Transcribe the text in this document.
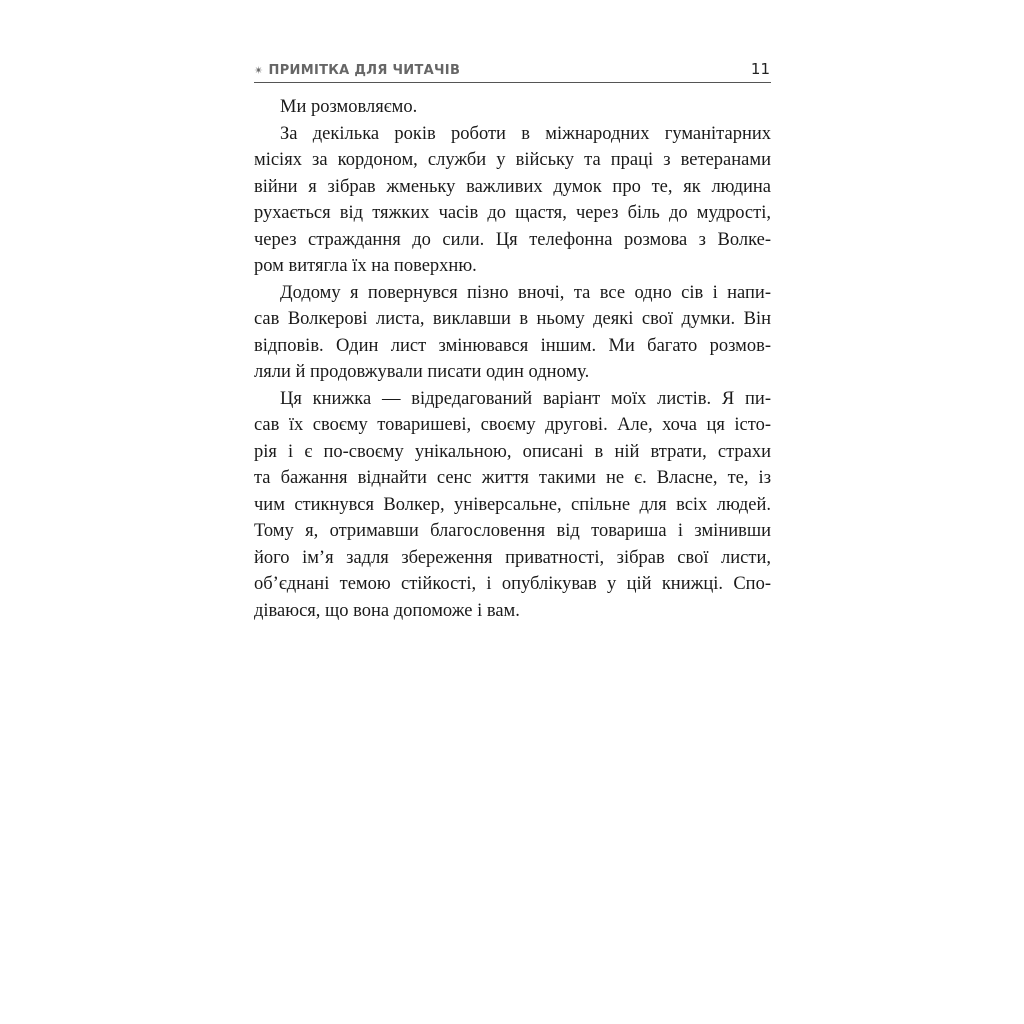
✴ ПРИМІТКА ДЛЯ ЧИТАЧІВ	11
Ми розмовляємо.
За декілька років роботи в міжнародних гуманітарних
місіях за кордоном, служби у війську та праці з ветеранами
війни я зібрав жменьку важливих думок про те, як людина
рухається від тяжких часів до щастя, через біль до мудрості,
через страждання до сили. Ця телефонна розмова з Волке-
ром витягла їх на поверхню.
Додому я повернувся пізно вночі, та все одно сів і напи-
сав Волкерові листа, виклавши в ньому деякі свої думки. Він
відповів. Один лист змінювався іншим. Ми багато розмов-
ляли й продовжували писати один одному.
Ця книжка — відредагований варіант моїх листів. Я пи-
сав їх своєму товаришеві, своєму другові. Але, хоча ця істо-
рія і є по-своєму унікальною, описані в ній втрати, страхи
та бажання віднайти сенс життя такими не є. Власне, те, із
чим стикнувся Волкер, універсальне, спільне для всіх людей.
Тому я, отримавши благословення від товариша і змінивши
його ім’я задля збереження приватності, зібрав свої листи,
об’єднані темою стійкості, і опублікував у цій книжці. Спо-
діваюся, що вона допоможе і вам.
